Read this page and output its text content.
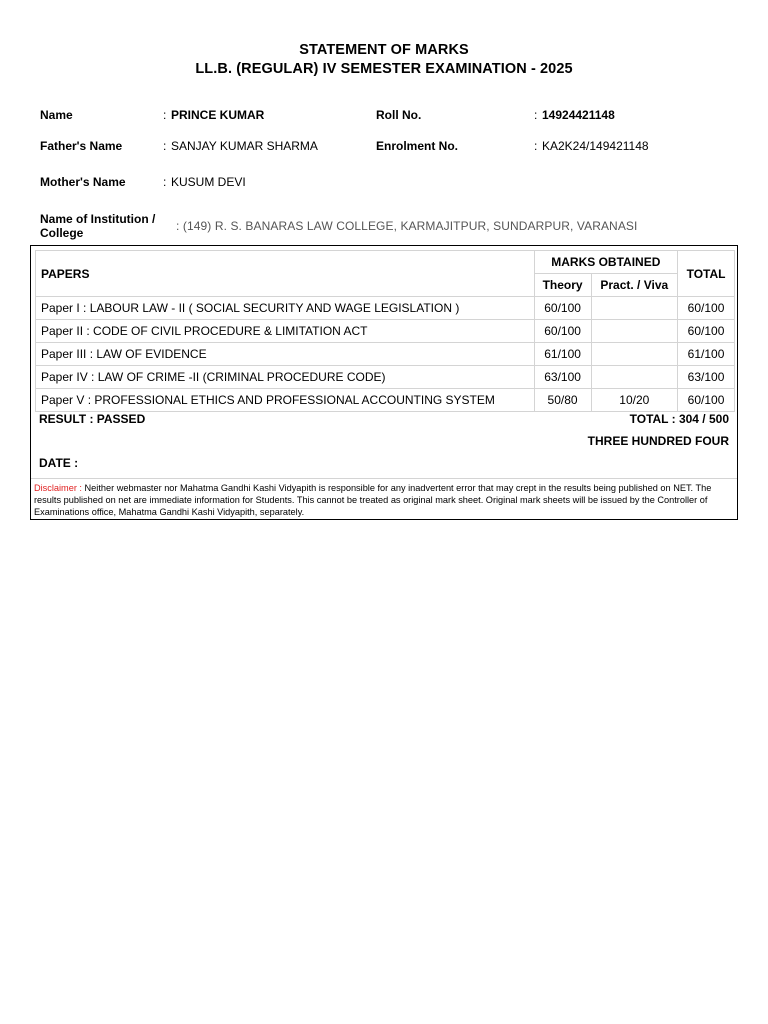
STATEMENT OF MARKS
LL.B. (REGULAR) IV SEMESTER EXAMINATION - 2025
Name	: PRINCE KUMAR	Roll No.	: 14924421148
Father's Name	: SANJAY KUMAR SHARMA	Enrolment No.	: KA2K24/149421148
Mother's Name	: KUSUM DEVI
Name of Institution /
College	: (149) R. S. BANARAS LAW COLLEGE, KARMAJITPUR, SUNDARPUR, VARANASI
PAPERS	MARKS OBTAINED		TOTAL
	Theory	Pract. / Viva	
Paper I : LABOUR LAW - II ( SOCIAL SECURITY AND WAGE LEGISLATION )	60/100		60/100
Paper II : CODE OF CIVIL PROCEDURE & LIMITATION ACT	60/100		60/100
Paper III : LAW OF EVIDENCE	61/100		61/100
Paper IV : LAW OF CRIME -II (CRIMINAL PROCEDURE CODE)	63/100		63/100
Paper V : PROFESSIONAL ETHICS AND PROFESSIONAL ACCOUNTING SYSTEM	50/80	10/20	60/100
RESULT : PASSED	TOTAL : 304 / 500
THREE HUNDRED FOUR
DATE :
Disclaimer : Neither webmaster nor Mahatma Gandhi Kashi Vidyapith is responsible for any inadvertent error that may crept in the results being published on NET. The results published on net are immediate information for Students. This cannot be treated as original mark sheet. Original mark sheets will be issued by the Controller of Examinations office, Mahatma Gandhi Kashi Vidyapith, separately.
